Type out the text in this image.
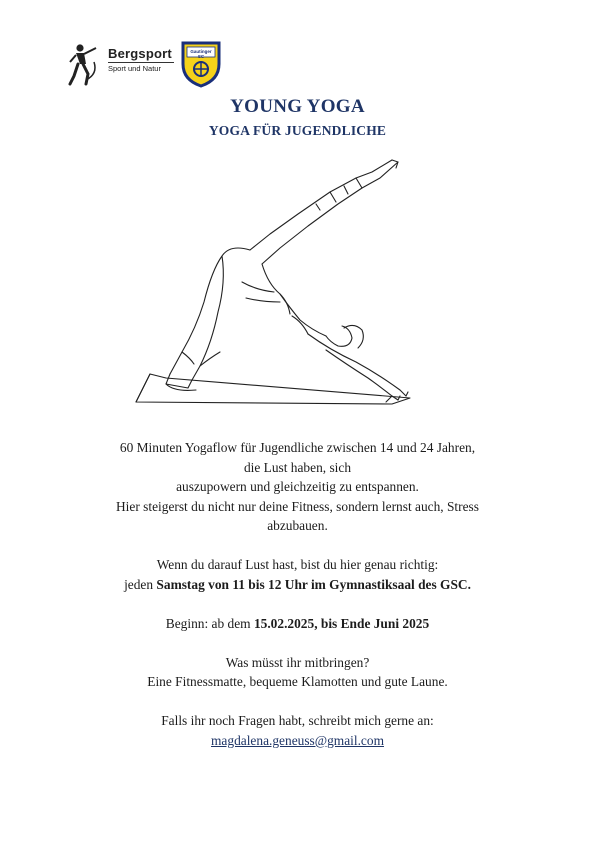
Bergsport
Sport und Natur
Gautinger
SC
YOUNG YOGA
YOGA FÜR JUGENDLICHE
60 Minuten Yogaflow für Jugendliche zwischen 14 und 24 Jahren,
die Lust haben, sich
auszupowern und gleichzeitig zu entspannen.
Hier steigerst du nicht nur deine Fitness, sondern lernst auch, Stress
abzubauen.
Wenn du darauf Lust hast, bist du hier genau richtig:
jeden Samstag von 11 bis 12 Uhr im Gymnastiksaal des GSC.
Beginn: ab dem 15.02.2025, bis Ende Juni 2025
Was müsst ihr mitbringen?
Eine Fitnessmatte, bequeme Klamotten und gute Laune.
Falls ihr noch Fragen habt, schreibt mich gerne an:
magdalena.geneuss@gmail.com
